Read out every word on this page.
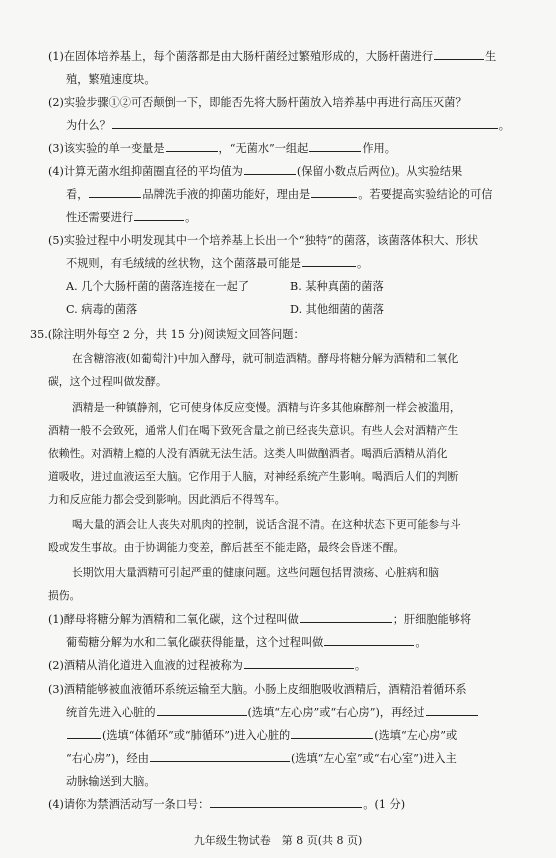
(1)在固体培养基上，每个菌落都是由大肠杆菌经过繁殖形成的，大肠杆菌进行	生
殖，繁殖速度块。
(2)实验步骤①②可否颠倒一下，即能否先将大肠杆菌放入培养基中再进行高压灭菌？
为什么？	。
(3)该实验的单一变量是	，“无菌水”一组起	作用。
(4)计算无菌水组抑菌圈直径的平均值为	(保留小数点后两位)。从实验结果
看，	品牌洗手液的抑菌功能好，理由是	。若要提高实验结论的可信
性还需要进行	。
(5)实验过程中小明发现其中一个培养基上长出一个“独特”的菌落，该菌落体积大、形状
不规则，有毛绒绒的丝状物，这个菌落最可能是	。
A. 几个大肠杆菌的菌落连接在一起了	B. 某种真菌的菌落
C. 病毒的菌落	D. 其他细菌的菌落
35.(除注明外每空 2 分，共 15 分)阅读短文回答问题：
在含糖溶液(如葡萄汁)中加入酵母，就可制造酒精。酵母将糖分解为酒精和二氧化
碳，这个过程叫做发酵。
酒精是一种镇静剂，它可使身体反应变慢。酒精与许多其他麻醉剂一样会被滥用，
酒精一般不会致死，通常人们在喝下致死含量之前已经丧失意识。有些人会对酒精产生
依赖性。对酒精上瘾的人没有酒就无法生活。这类人叫做酗酒者。喝酒后酒精从消化
道吸收，进过血液运至大脑。它作用于人脑，对神经系统产生影响。喝酒后人们的判断
力和反应能力都会受到影响。因此酒后不得驾车。
喝大量的酒会让人丧失对肌肉的控制，说话含混不清。在这种状态下更可能参与斗
殴或发生事故。由于协调能力变差，醉后甚至不能走路，最终会昏迷不醒。
长期饮用大量酒精可引起严重的健康问题。这些问题包括胃溃疡、心脏病和脑
损伤。
(1)酵母将糖分解为酒精和二氧化碳，这个过程叫做	；肝细胞能够将
葡萄糖分解为水和二氧化碳获得能量，这个过程叫做	。
(2)酒精从消化道进入血液的过程被称为	。
(3)酒精能够被血液循环系统运输至大脑。小肠上皮细胞吸收酒精后，酒精沿着循环系
统首先进入心脏的	(选填“左心房”或“右心房”)，再经过
(选填“体循环”或“肺循环”)进入心脏的	(选填“左心房”或
“右心房”)，经由	(选填“左心室”或“右心室”)进入主
动脉输送到大脑。
(4)请你为禁酒活动写一条口号：	。(1 分)
九年级生物试卷　第 8 页(共 8 页)
